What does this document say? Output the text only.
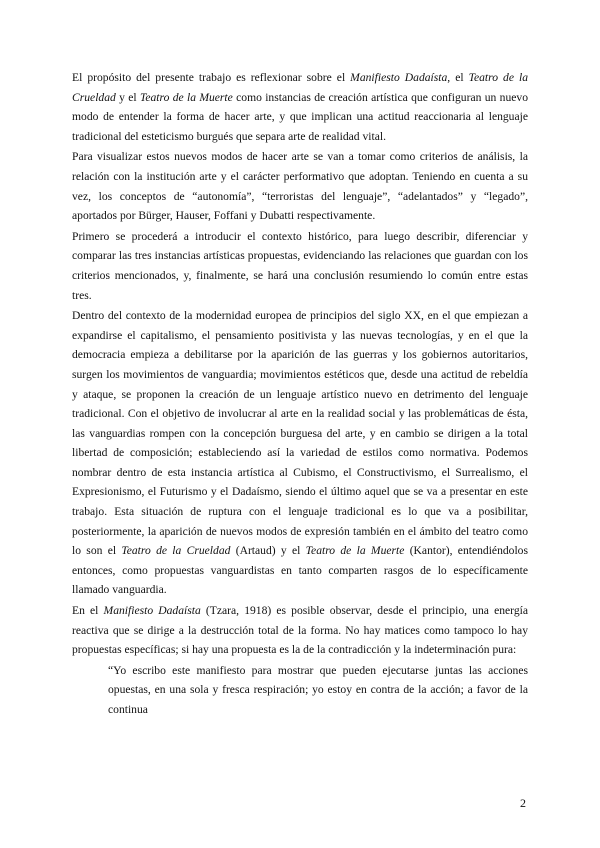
El propósito del presente trabajo es reflexionar sobre el Manifiesto Dadaísta, el Teatro de la Crueldad y el Teatro de la Muerte como instancias de creación artística que configuran un nuevo modo de entender la forma de hacer arte, y que implican una actitud reaccionaria al lenguaje tradicional del esteticismo burgués que separa arte de realidad vital.

Para visualizar estos nuevos modos de hacer arte se van a tomar como criterios de análisis, la relación con la institución arte y el carácter performativo que adoptan. Teniendo en cuenta a su vez, los conceptos de “autonomía”, “terroristas del lenguaje”, “adelantados” y “legado”, aportados por Bürger, Hauser, Foffani y Dubatti respectivamente.

Primero se procederá a introducir el contexto histórico, para luego describir, diferenciar y comparar las tres instancias artísticas propuestas, evidenciando las relaciones que guardan con los criterios mencionados, y, finalmente, se hará una conclusión resumiendo lo común entre estas tres.

Dentro del contexto de la modernidad europea de principios del siglo XX, en el que empiezan a expandirse el capitalismo, el pensamiento positivista y las nuevas tecnologías, y en el que la democracia empieza a debilitarse por la aparición de las guerras y los gobiernos autoritarios, surgen los movimientos de vanguardia; movimientos estéticos que, desde una actitud de rebeldía y ataque, se proponen la creación de un lenguaje artístico nuevo en detrimento del lenguaje tradicional. Con el objetivo de involucrar al arte en la realidad social y las problemáticas de ésta, las vanguardias rompen con la concepción burguesa del arte, y en cambio se dirigen a la total libertad de composición; estableciendo así la variedad de estilos como normativa. Podemos nombrar dentro de esta instancia artística al Cubismo, el Constructivismo, el Surrealismo, el Expresionismo, el Futurismo y el Dadaísmo, siendo el último aquel que se va a presentar en este trabajo. Esta situación de ruptura con el lenguaje tradicional es lo que va a posibilitar, posteriormente, la aparición de nuevos modos de expresión también en el ámbito del teatro como lo son el Teatro de la Crueldad (Artaud) y el Teatro de la Muerte (Kantor), entendiéndolos entonces, como propuestas vanguardistas en tanto comparten rasgos de lo específicamente llamado vanguardia.

En el Manifiesto Dadaísta (Tzara, 1918) es posible observar, desde el principio, una energía reactiva que se dirige a la destrucción total de la forma. No hay matices como tampoco lo hay propuestas específicas; si hay una propuesta es la de la contradicción y la indeterminación pura:

“Yo escribo este manifiesto para mostrar que pueden ejecutarse juntas las acciones opuestas, en una sola y fresca respiración; yo estoy en contra de la acción; a favor de la continua

2
